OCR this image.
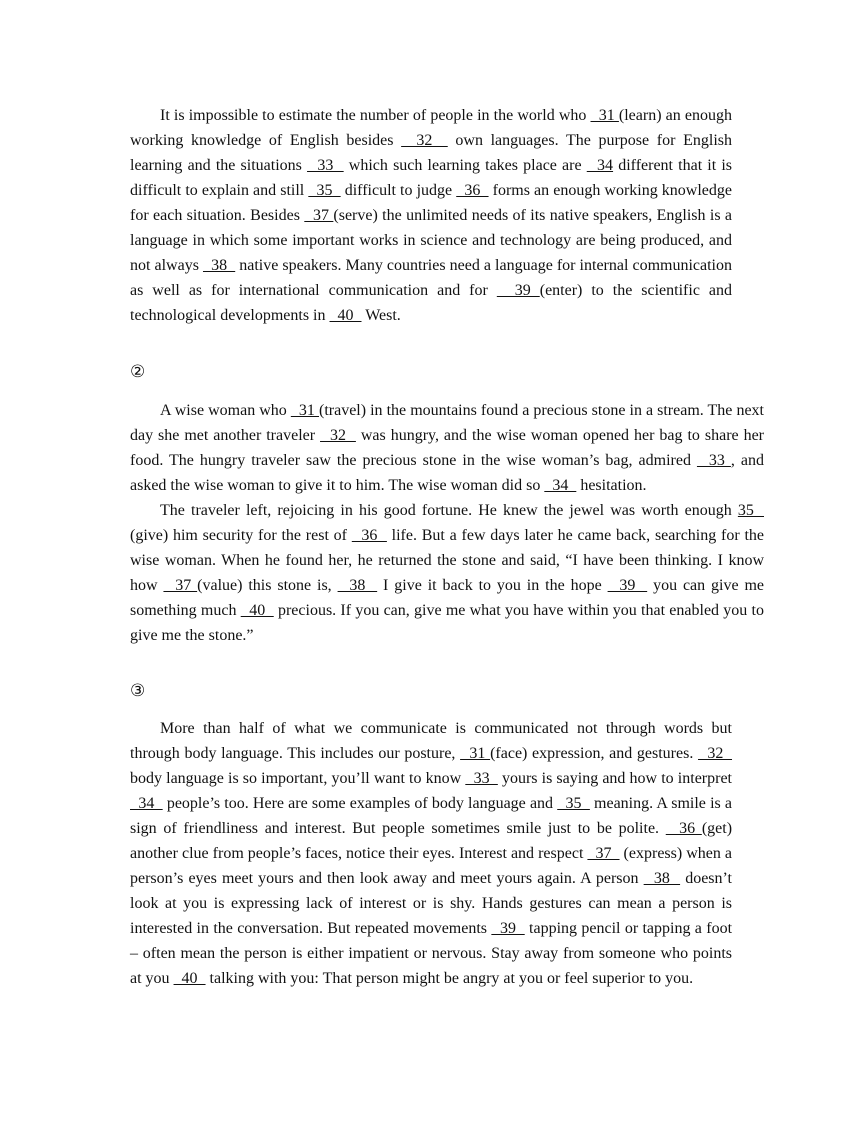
It is impossible to estimate the number of people in the world who   31 (learn) an enough working knowledge of English besides   32   own languages. The purpose for English learning and the situations   33   which such learning takes place are   34 different that it is difficult to explain and still   35   difficult to judge   36   forms an enough working knowledge for each situation. Besides   37 (serve) the unlimited needs of its native speakers, English is a language in which some important works in science and technology are being produced, and not always   38   native speakers. Many countries need a language for internal communication as well as for international communication and for   39 (enter) to the scientific and technological developments in   40   West.

②

A wise woman who   31 (travel) in the mountains found a precious stone in a stream. The next day she met another traveler   32   was hungry, and the wise woman opened her bag to share her food. The hungry traveler saw the precious stone in the wise woman’s bag, admired   33 , and asked the wise woman to give it to him. The wise woman did so   34   hesitation.

The traveler left, rejoicing in his good fortune. He knew the jewel was worth enough 35   (give) him security for the rest of   36   life. But a few days later he came back, searching for the wise woman. When he found her, he returned the stone and said, “I have been thinking. I know how   37 (value) this stone is,   38   I give it back to you in the hope   39   you can give me something much   40   precious. If you can, give me what you have within you that enabled you to give me the stone.”

③

More than half of what we communicate is communicated not through words but through body language. This includes our posture,   31 (face) expression, and gestures.   32   body language is so important, you’ll want to know   33   yours is saying and how to interpret   34   people’s too. Here are some examples of body language and   35   meaning. A smile is a sign of friendliness and interest. But people sometimes smile just to be polite.   36 (get) another clue from people’s faces, notice their eyes. Interest and respect   37   (express) when a person’s eyes meet yours and then look away and meet yours again. A person   38   doesn’t look at you is expressing lack of interest or is shy. Hands gestures can mean a person is interested in the conversation. But repeated movements   39   tapping pencil or tapping a foot – often mean the person is either impatient or nervous. Stay away from someone who points at you   40   talking with you: That person might be angry at you or feel superior to you.
